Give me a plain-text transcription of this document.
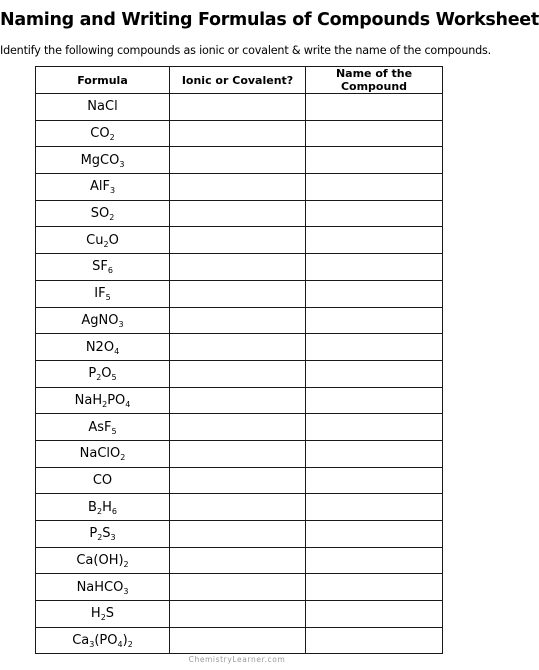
Naming and Writing Formulas of Compounds Worksheet
Identify the following compounds as ionic or covalent & write the name of the compounds.
Formula	Ionic or Covalent?	Name of the Compound
NaCl		
$CO_2$		
MgCO$_3$		
AlF$_3$		
$SO_2$		
$Cu_2O$		
$SF_6$		
$IF_5$		
AgNO$_3$		
$N2O_4$		
$P_2O_5$		
$NaH_2PO_4$		
AsF$_5$		
NaClO$_2$		
CO		
$B_2H_6$		
$P_2S_3$		
$Ca(OH)_2$		
NaHCO$_3$		
$H_2S$		
$Ca_3(PO_4)_2$		
ChemistryLearner.com
